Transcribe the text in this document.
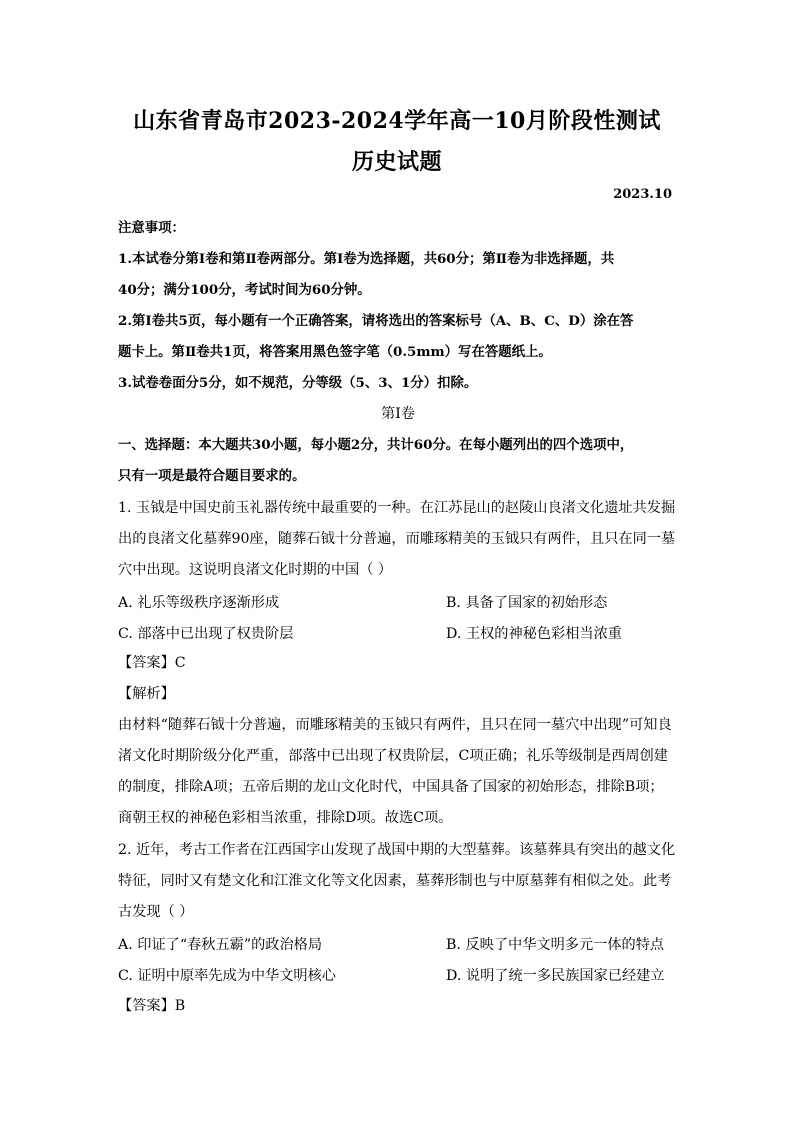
山东省青岛市2023-2024学年高一10月阶段性测试
历史试题
2023.10
注意事项：
1.本试卷分第Ⅰ卷和第Ⅱ卷两部分。第Ⅰ卷为选择题，共60分；第Ⅱ卷为非选择题，共
40分；满分100分，考试时间为60分钟。
2.第Ⅰ卷共5页，每小题有一个正确答案，请将选出的答案标号（A、B、C、D）涂在答
题卡上。第Ⅱ卷共1页，将答案用黑色签字笔（0.5mm）写在答题纸上。
3.试卷卷面分5分，如不规范，分等级（5、3、1分）扣除。
第Ⅰ卷
一、选择题：本大题共30小题，每小题2分，共计60分。在每小题列出的四个选项中，
只有一项是最符合题目要求的。
1. 玉钺是中国史前玉礼器传统中最重要的一种。在江苏昆山的赵陵山良渚文化遗址共发掘
出的良渚文化墓葬90座，随葬石钺十分普遍，而雕琢精美的玉钺只有两件，且只在同一墓
穴中出现。这说明良渚文化时期的中国（ ）
A. 礼乐等级秩序逐渐形成	B. 具备了国家的初始形态
C. 部落中已出现了权贵阶层	D. 王权的神秘色彩相当浓重
【答案】C
【解析】
由材料“随葬石钺十分普遍，而雕琢精美的玉钺只有两件，且只在同一墓穴中出现”可知良
渚文化时期阶级分化严重，部落中已出现了权贵阶层，C项正确；礼乐等级制是西周创建
的制度，排除A项；五帝后期的龙山文化时代，中国具备了国家的初始形态，排除B项；
商朝王权的神秘色彩相当浓重，排除D项。故选C项。
2. 近年，考古工作者在江西国字山发现了战国中期的大型墓葬。该墓葬具有突出的越文化
特征，同时又有楚文化和江淮文化等文化因素，墓葬形制也与中原墓葬有相似之处。此考
古发现（ ）
A. 印证了“春秋五霸”的政治格局	B. 反映了中华文明多元一体的特点
C. 证明中原率先成为中华文明核心	D. 说明了统一多民族国家已经建立
【答案】B
